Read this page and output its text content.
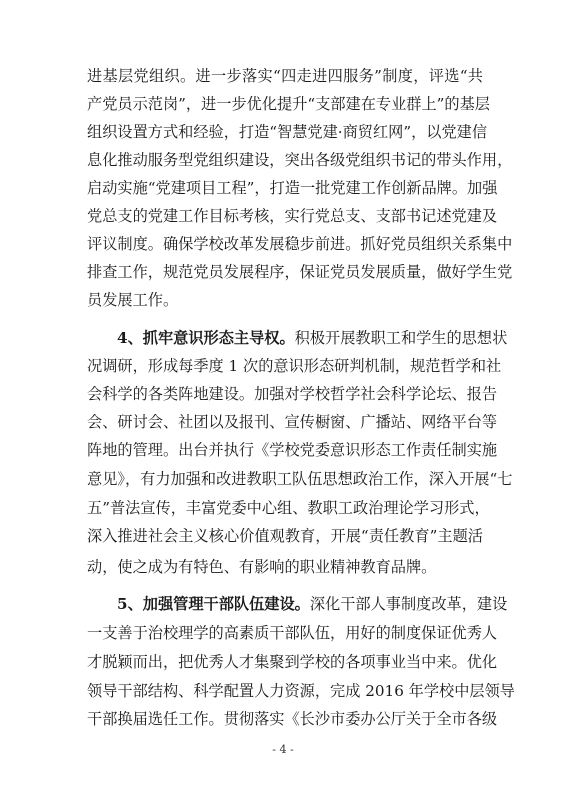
进基层党组织。进一步落实“四走进四服务”制度，评选“共
产党员示范岗”，进一步优化提升“支部建在专业群上”的基层
组织设置方式和经验，打造“智慧党建·商贸红网”，以党建信
息化推动服务型党组织建设，突出各级党组织书记的带头作用，
启动实施“党建项目工程”，打造一批党建工作创新品牌。加强
党总支的党建工作目标考核，实行党总支、支部书记述党建及
评议制度。确保学校改革发展稳步前进。抓好党员组织关系集中
排查工作，规范党员发展程序，保证党员发展质量，做好学生党
员发展工作。
4、抓牢意识形态主导权。积极开展教职工和学生的思想状
况调研，形成每季度 1 次的意识形态研判机制，规范哲学和社
会科学的各类阵地建设。加强对学校哲学社会科学论坛、报告
会、研讨会、社团以及报刊、宣传橱窗、广播站、网络平台等
阵地的管理。出台并执行《学校党委意识形态工作责任制实施
意见》，有力加强和改进教职工队伍思想政治工作，深入开展“七
五”普法宣传，丰富党委中心组、教职工政治理论学习形式，
深入推进社会主义核心价值观教育，开展“责任教育”主题活
动，使之成为有特色、有影响的职业精神教育品牌。
5、加强管理干部队伍建设。深化干部人事制度改革，建设
一支善于治校理学的高素质干部队伍，用好的制度保证优秀人
才脱颖而出，把优秀人才集聚到学校的各项事业当中来。优化
领导干部结构、科学配置人力资源，完成 2016 年学校中层领导
干部换届选任工作。贯彻落实《长沙市委办公厅关于全市各级
- 4 -
